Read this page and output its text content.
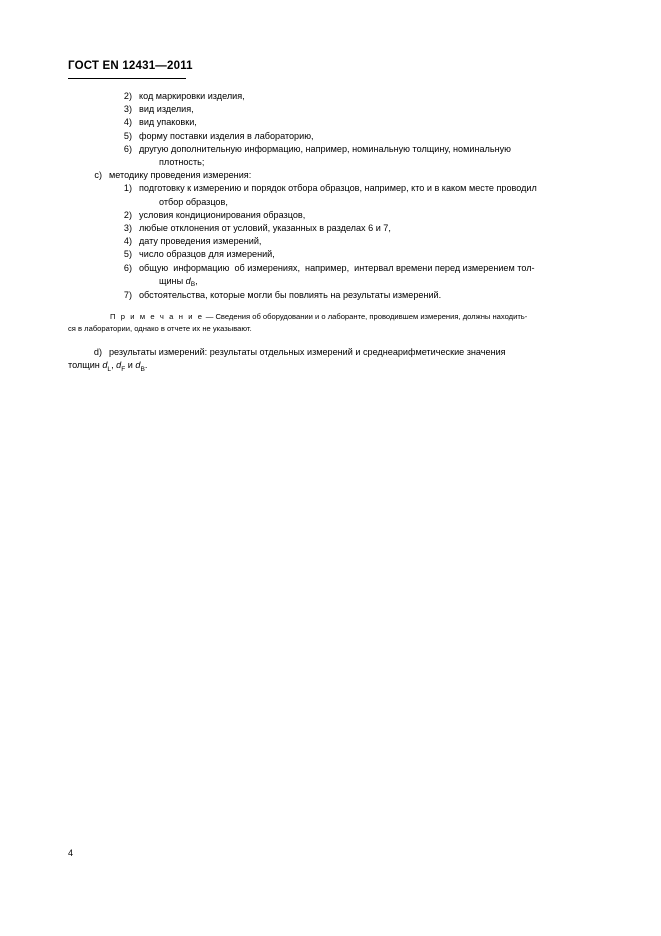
ГОСТ EN 12431—2011
2) код маркировки изделия,
3) вид изделия,
4) вид упаковки,
5) форму поставки изделия в лабораторию,
6) другую дополнительную информацию, например, номинальную толщину, номинальную
плотность;
c) методику проведения измерения:
1) подготовку к измерению и порядок отбора образцов, например, кто и в каком месте проводил
отбор образцов,
2) условия кондиционирования образцов,
3) любые отклонения от условий, указанных в разделах 6 и 7,
4) дату проведения измерений,
5) число образцов для измерений,
6) общую  информацию  об измерениях,  например,  интервал времени перед измерением тол-
щины $d_B$,
7) обстоятельства, которые могли бы повлиять на результаты измерений.
П р и м е ч а н и е — Сведения об оборудовании и о лаборанте, проводившем измерения, должны находить-
ся в лаборатории, однако в отчете их не указывают.
d) результаты измерений: результаты отдельных измерений и среднеарифметические значения
толщин $d_L$, $d_F$ и $d_B$.
4
